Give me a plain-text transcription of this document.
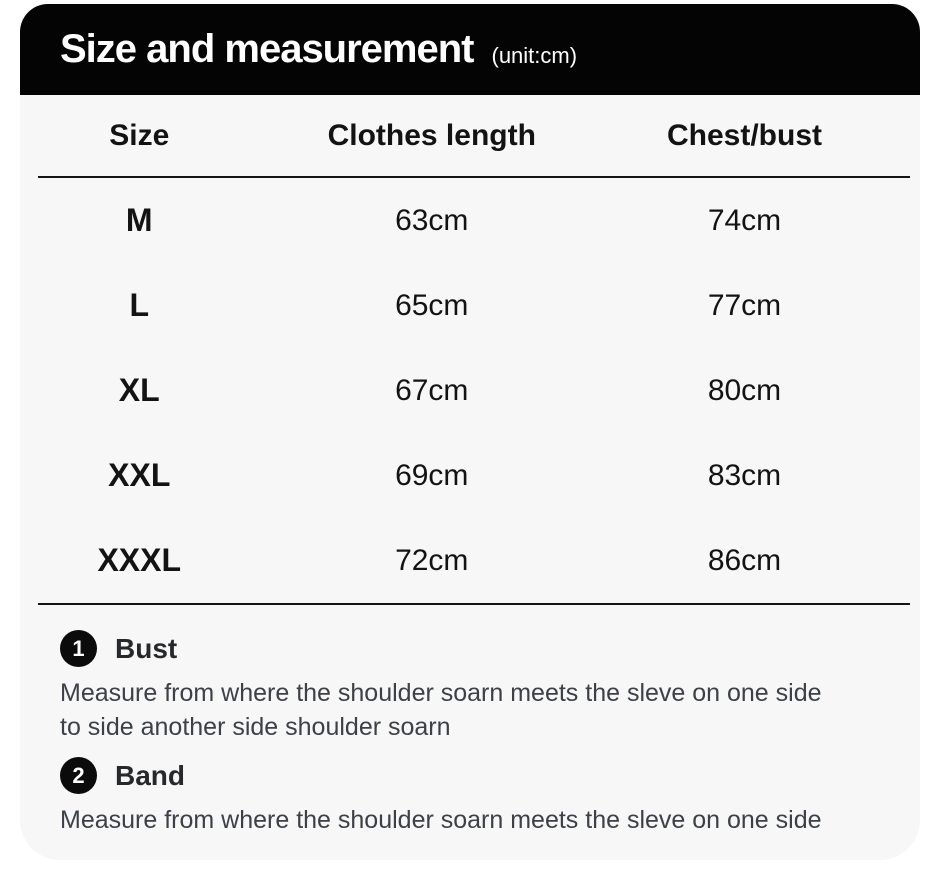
Size and measurement (unit:cm)
Size	Clothes length	Chest/bust
M	63cm	74cm
L	65cm	77cm
XL	67cm	80cm
XXL	69cm	83cm
XXXL	72cm	86cm
1	Bust
Measure from where the shoulder soarn meets the sleve on one side to side another side shoulder soarn
2	Band
Measure from where the shoulder soarn meets the sleve on one side
